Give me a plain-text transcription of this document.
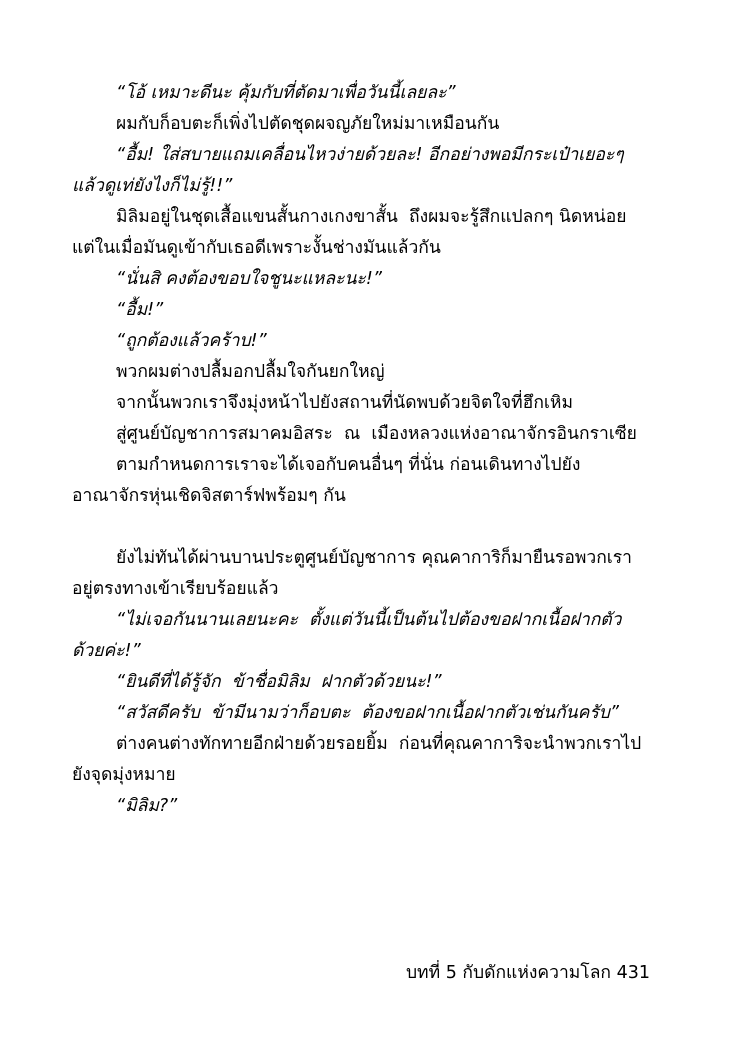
“โอ้ เหมาะดีนะ คุ้มกับที่ตัดมาเพื่อวันนี้เลยละ”

ผมกับก็อบตะก็เพิ่งไปตัดชุดผจญภัยใหม่มาเหมือนกัน

“อื้ม! ใส่สบายแถมเคลื่อนไหวง่ายด้วยละ! อีกอย่างพอมีกระเป๋าเยอะๆ แล้วดูเท่ยังไงก็ไม่รู้!!”

มิลิมอยู่ในชุดเสื้อแขนสั้นกางเกงขาสั้น  ถึงผมจะรู้สึกแปลกๆ นิดหน่อย แต่ในเมื่อมันดูเข้ากับเธอดีเพราะงั้นช่างมันแล้วกัน

“นั่นสิ คงต้องขอบใจชูนะแหละนะ!”

“อื้ม!”

“ถูกต้องแล้วคร้าบ!”

พวกผมต่างปลื้มอกปลื้มใจกันยกใหญ่

จากนั้นพวกเราจึงมุ่งหน้าไปยังสถานที่นัดพบด้วยจิตใจที่ฮึกเหิม

สู่ศูนย์บัญชาการสมาคมอิสระ  ณ  เมืองหลวงแห่งอาณาจักรอินกราเซีย

ตามกำหนดการเราจะได้เจอกับคนอื่นๆ ที่นั่น ก่อนเดินทางไปยังอาณาจักรหุ่นเชิดจิสตาร์ฟพร้อมๆ กัน

ยังไม่ทันได้ผ่านบานประตูศูนย์บัญชาการ คุณคาการิก็มายืนรอพวกเราอยู่ตรงทางเข้าเรียบร้อยแล้ว

“ไม่เจอกันนานเลยนะคะ  ตั้งแต่วันนี้เป็นต้นไปต้องขอฝากเนื้อฝากตัวด้วยค่ะ!”

“ยินดีที่ได้รู้จัก  ข้าชื่อมิลิม  ฝากตัวด้วยนะ!”

“สวัสดีครับ  ข้ามีนามว่าก็อบตะ  ต้องขอฝากเนื้อฝากตัวเช่นกันครับ”

ต่างคนต่างทักทายอีกฝ่ายด้วยรอยยิ้ม  ก่อนที่คุณคาการิจะนำพวกเราไปยังจุดมุ่งหมาย

“มิลิม?”

บทที่ 5 กับดักแห่งความโลก 431
